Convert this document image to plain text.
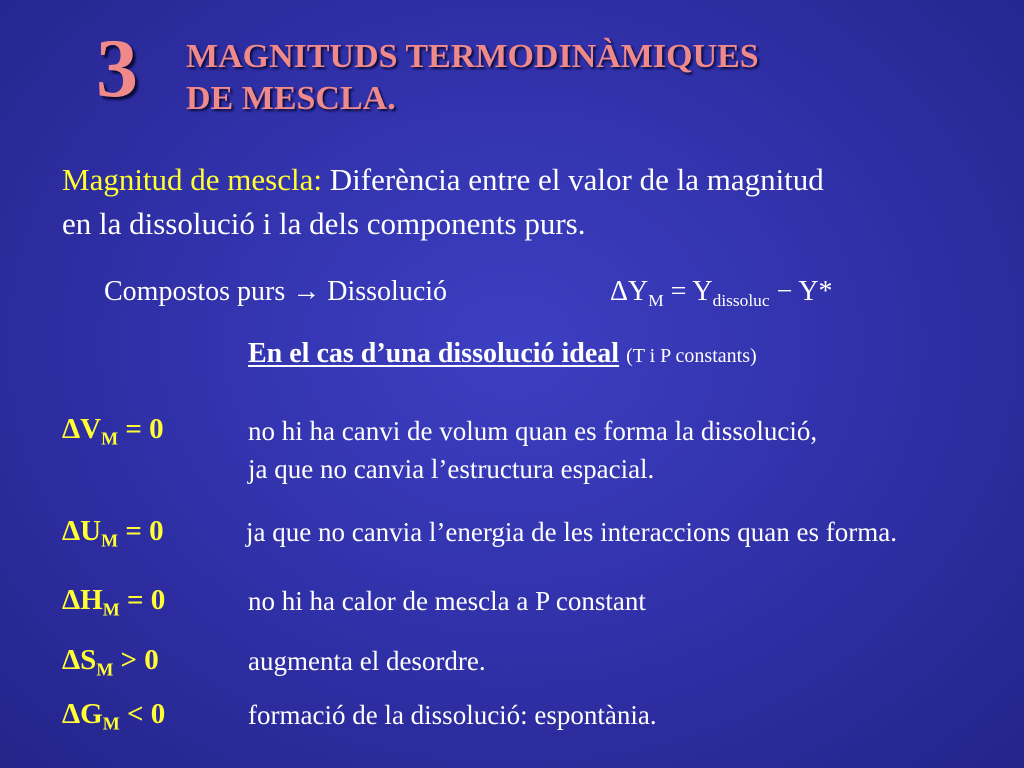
3 MAGNITUDS TERMODINÀMIQUES
DE MESCLA.
Magnitud de mescla: Diferència entre el valor de la magnitud
en la dissolució i la dels components purs.
Compostos purs → Dissolució	$\Delta Y_M = Y_{dissoluc} - Y*$
En el cas d’una dissolució ideal (T i P constants)
$\Delta V_M = 0$	no hi ha canvi de volum quan es forma la dissolució,
ja que no canvia l’estructura espacial.
$\Delta U_M = 0$	ja que no canvia l’energia de les interaccions quan es forma.
$\Delta H_M = 0$	no hi ha calor de mescla a P constant
$\Delta S_M > 0$	augmenta el desordre.
$\Delta G_M < 0$	formació de la dissolució: espontània.
